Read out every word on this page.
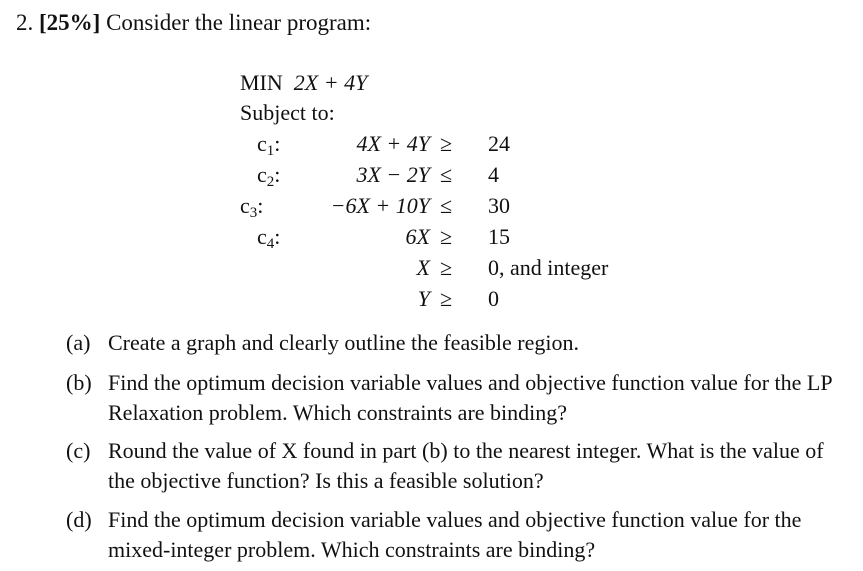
2. [25%] Consider the linear program:
MIN 2X + 4Y
Subject to:
$c_1$:	4X + 4Y ≥ 24
$c_2$:	3X − 2Y ≤ 4
$c_3$:	−6X + 10Y ≤ 30
$c_4$:	6X ≥ 15
X ≥ 0, and integer
Y ≥ 0
(a) Create a graph and clearly outline the feasible region.
(b) Find the optimum decision variable values and objective function value for the LP Relaxation problem. Which constraints are binding?
(c) Round the value of X found in part (b) to the nearest integer. What is the value of the objective function? Is this a feasible solution?
(d) Find the optimum decision variable values and objective function value for the mixed-integer problem. Which constraints are binding?
